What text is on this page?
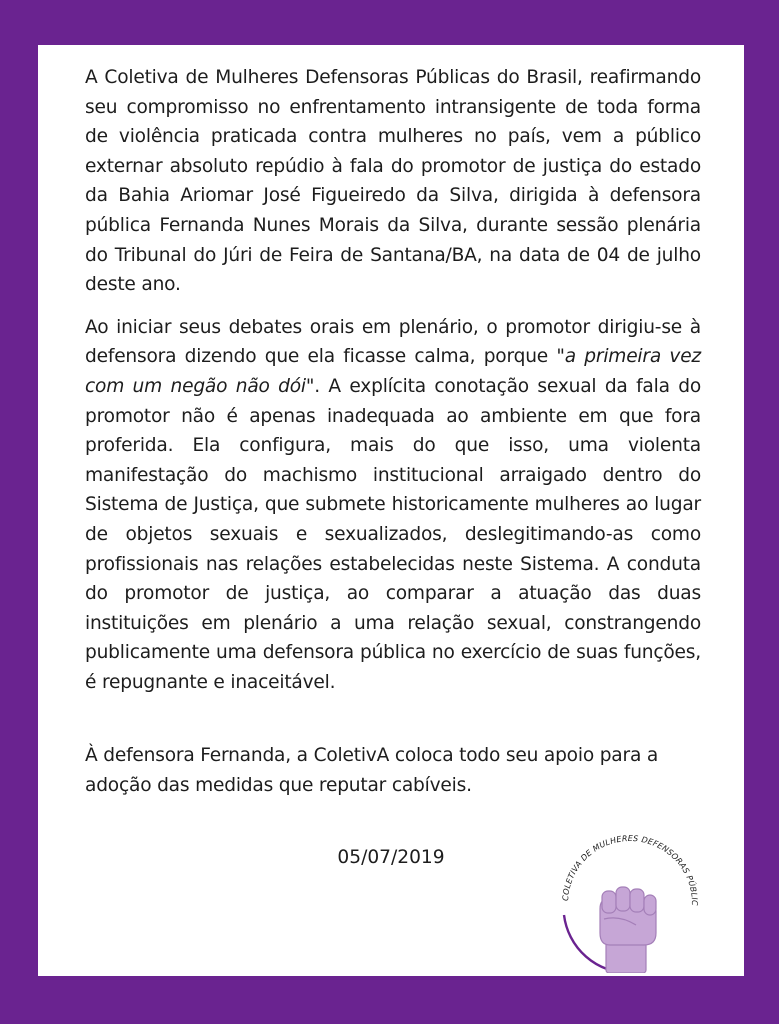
A Coletiva de Mulheres Defensoras Públicas do Brasil, reafirmando seu compromisso no enfrentamento intransigente de toda forma de violência praticada contra mulheres no país, vem a público externar absoluto repúdio à fala do promotor de justiça do estado da Bahia Ariomar José Figueiredo da Silva, dirigida à defensora pública Fernanda Nunes Morais da Silva, durante sessão plenária do Tribunal do Júri de Feira de Santana/BA, na data de 04 de julho deste ano.

Ao iniciar seus debates orais em plenário, o promotor dirigiu-se à defensora dizendo que ela ficasse calma, porque "a primeira vez com um negão não dói". A explícita conotação sexual da fala do promotor não é apenas inadequada ao ambiente em que fora proferida. Ela configura, mais do que isso, uma violenta manifestação do machismo institucional arraigado dentro do Sistema de Justiça, que submete historicamente mulheres ao lugar de objetos sexuais e sexualizados, deslegitimando-as como profissionais nas relações estabelecidas neste Sistema. A conduta do promotor de justiça, ao comparar a atuação das duas instituições em plenário a uma relação sexual, constrangendo publicamente uma defensora pública no exercício de suas funções, é repugnante e inaceitável.

À defensora Fernanda, a ColetivA coloca todo seu apoio para a adoção das medidas que reputar cabíveis.

05/07/2019
COLETIVA DE MULHERES DEFENSORAS PÚBLIC
